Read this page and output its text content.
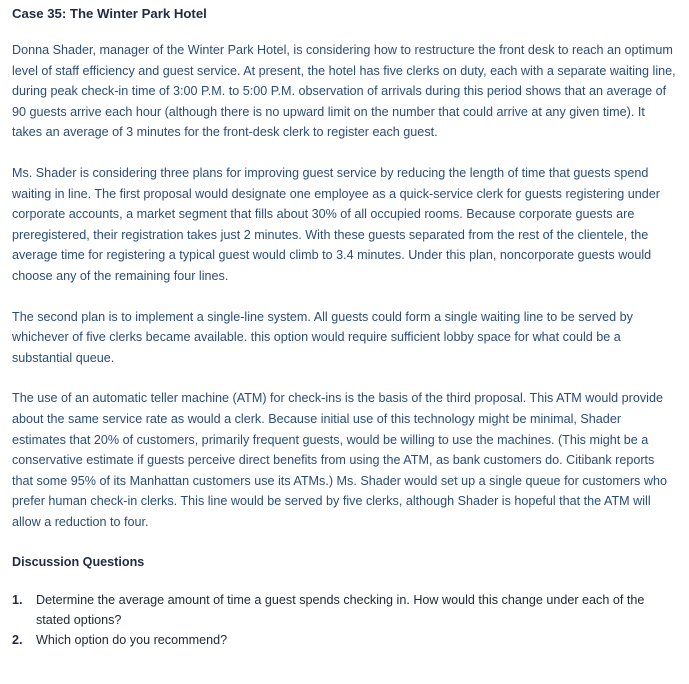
Case 35: The Winter Park Hotel

Donna Shader, manager of the Winter Park Hotel, is considering how to restructure the front desk to reach an optimum level of staff efficiency and guest service. At present, the hotel has five clerks on duty, each with a separate waiting line, during peak check-in time of 3:00 P.M. to 5:00 P.M. observation of arrivals during this period shows that an average of 90 guests arrive each hour (although there is no upward limit on the number that could arrive at any given time). It takes an average of 3 minutes for the front-desk clerk to register each guest.

Ms. Shader is considering three plans for improving guest service by reducing the length of time that guests spend waiting in line. The first proposal would designate one employee as a quick-service clerk for guests registering under corporate accounts, a market segment that fills about 30% of all occupied rooms. Because corporate guests are preregistered, their registration takes just 2 minutes. With these guests separated from the rest of the clientele, the average time for registering a typical guest would climb to 3.4 minutes. Under this plan, noncorporate guests would choose any of the remaining four lines.

The second plan is to implement a single-line system. All guests could form a single waiting line to be served by whichever of five clerks became available. this option would require sufficient lobby space for what could be a substantial queue.

The use of an automatic teller machine (ATM) for check-ins is the basis of the third proposal. This ATM would provide about the same service rate as would a clerk. Because initial use of this technology might be minimal, Shader estimates that 20% of customers, primarily frequent guests, would be willing to use the machines. (This might be a conservative estimate if guests perceive direct benefits from using the ATM, as bank customers do. Citibank reports that some 95% of its Manhattan customers use its ATMs.) Ms. Shader would set up a single queue for customers who prefer human check-in clerks. This line would be served by five clerks, although Shader is hopeful that the ATM will allow a reduction to four.

Discussion Questions
1. Determine the average amount of time a guest spends checking in. How would this change under each of the stated options?
2. Which option do you recommend?
